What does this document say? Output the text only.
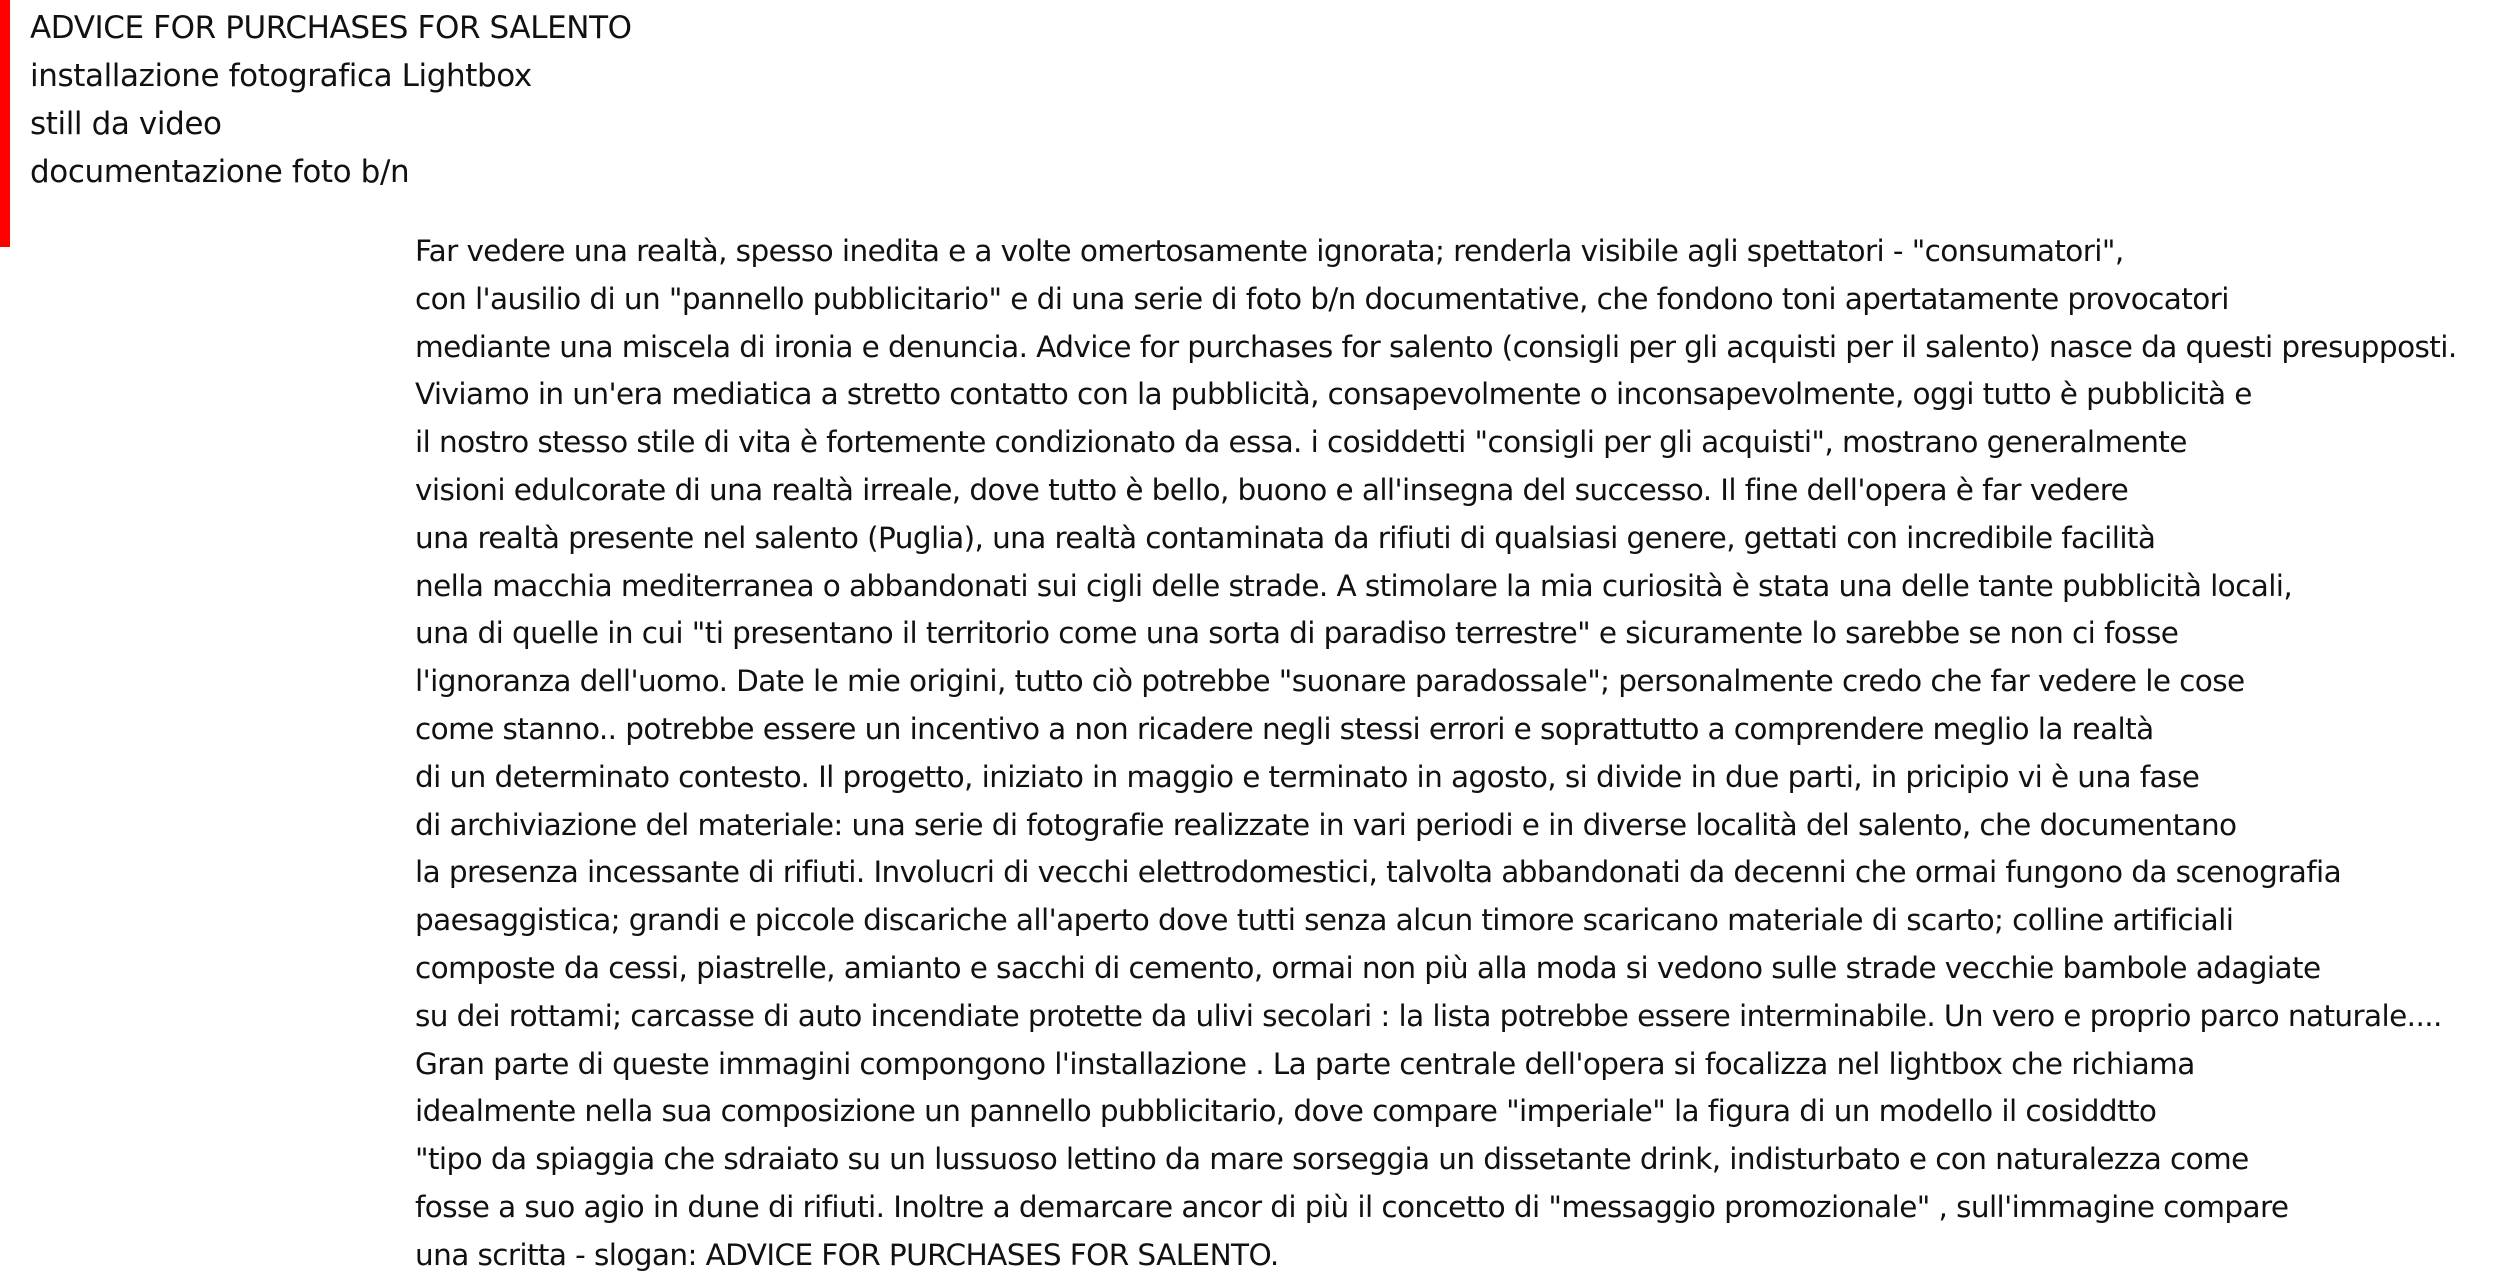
ADVICE FOR PURCHASES FOR SALENTO
installazione fotografica Lightbox
still da video
documentazione foto b/n
Far vedere una realtà, spesso inedita e a volte omertosamente ignorata; renderla visibile agli spettatori - "consumatori",
con l'ausilio di un "pannello pubblicitario" e di una serie di foto b/n documentative, che fondono toni apertatamente provocatori
mediante una miscela di ironia e denuncia. Advice for purchases for salento (consigli per gli acquisti per il salento) nasce da questi presupposti.
Viviamo in un'era mediatica a stretto contatto con la pubblicità, consapevolmente o inconsapevolmente, oggi tutto è pubblicità e
il nostro stesso stile di vita è fortemente condizionato da essa. i cosiddetti "consigli per gli acquisti", mostrano generalmente
visioni edulcorate di una realtà irreale, dove tutto è bello, buono e all'insegna del successo. Il fine dell'opera è far vedere
una realtà presente nel salento (Puglia), una realtà contaminata da rifiuti di qualsiasi genere, gettati con incredibile facilità
nella macchia mediterranea o abbandonati sui cigli delle strade. A stimolare la mia curiosità è stata una delle tante pubblicità locali,
una di quelle in cui "ti presentano il territorio come una sorta di paradiso terrestre" e sicuramente lo sarebbe se non ci fosse
l'ignoranza dell'uomo. Date le mie origini, tutto ciò potrebbe "suonare paradossale"; personalmente credo che far vedere le cose
come stanno.. potrebbe essere un incentivo a non ricadere negli stessi errori e soprattutto a comprendere meglio la realtà
di un determinato contesto. Il progetto, iniziato in maggio e terminato in agosto, si divide in due parti, in pricipio vi è una fase
di archiviazione del materiale: una serie di fotografie realizzate in vari periodi e in diverse località del salento, che documentano
la presenza incessante di rifiuti. Involucri di vecchi elettrodomestici, talvolta abbandonati da decenni che ormai fungono da scenografia
paesaggistica; grandi e piccole discariche all'aperto dove tutti senza alcun timore scaricano materiale di scarto; colline artificiali
composte da cessi, piastrelle, amianto e sacchi di cemento, ormai non più alla moda si vedono sulle strade vecchie bambole adagiate
su dei rottami; carcasse di auto incendiate protette da ulivi secolari : la lista potrebbe essere interminabile. Un vero e proprio parco naturale....
Gran parte di queste immagini compongono l'installazione . La parte centrale dell'opera si focalizza nel lightbox che richiama
idealmente nella sua composizione un pannello pubblicitario, dove compare "imperiale" la figura di un modello il cosiddtto
"tipo da spiaggia che sdraiato su un lussuoso lettino da mare sorseggia un dissetante drink, indisturbato e con naturalezza come
fosse a suo agio in dune di rifiuti. Inoltre a demarcare ancor di più il concetto di "messaggio promozionale" , sull'immagine compare
una scritta - slogan: ADVICE FOR PURCHASES FOR SALENTO.
